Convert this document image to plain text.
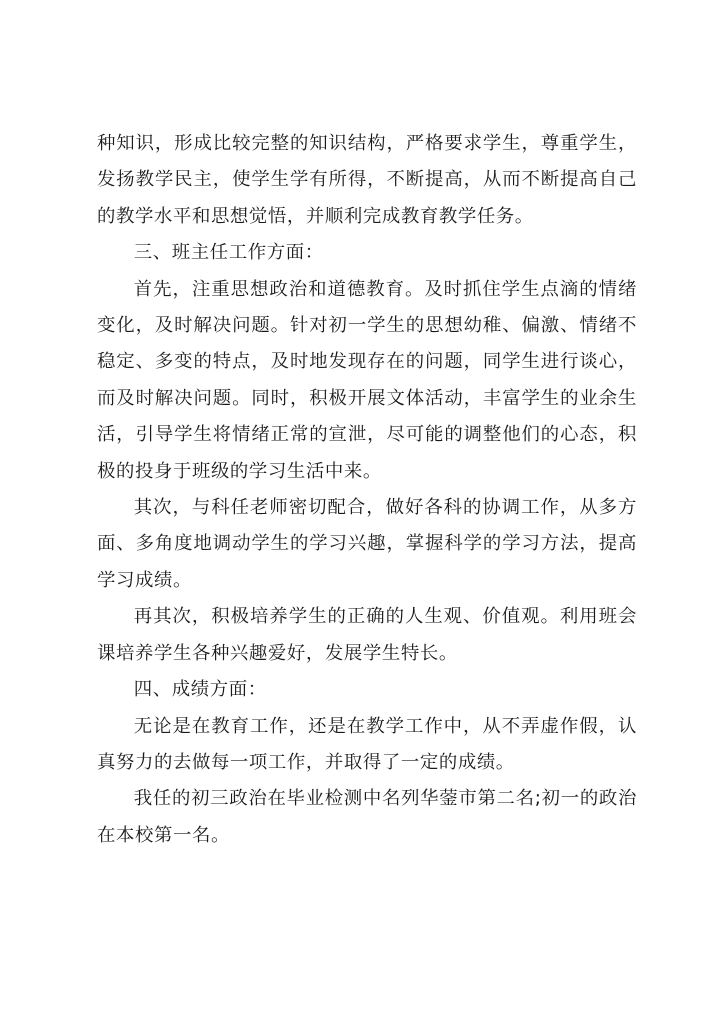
种知识，形成比较完整的知识结构，严格要求学生，尊重学生，发扬教学民主，使学生学有所得，不断提高，从而不断提高自己的教学水平和思想觉悟，并顺利完成教育教学任务。

三、班主任工作方面：

首先，注重思想政治和道德教育。及时抓住学生点滴的情绪变化，及时解决问题。针对初一学生的思想幼稚、偏激、情绪不稳定、多变的特点，及时地发现存在的问题，同学生进行谈心，而及时解决问题。同时，积极开展文体活动，丰富学生的业余生活，引导学生将情绪正常的宣泄，尽可能的调整他们的心态，积极的投身于班级的学习生活中来。

其次，与科任老师密切配合，做好各科的协调工作，从多方面、多角度地调动学生的学习兴趣，掌握科学的学习方法，提高学习成绩。

再其次，积极培养学生的正确的人生观、价值观。利用班会课培养学生各种兴趣爱好，发展学生特长。

四、成绩方面：

无论是在教育工作，还是在教学工作中，从不弄虚作假，认真努力的去做每一项工作，并取得了一定的成绩。

我任的初三政治在毕业检测中名列华蓥市第二名;初一的政治在本校第一名。
